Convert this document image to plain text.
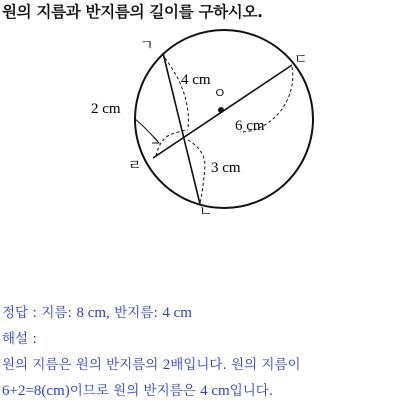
원의 지름과 반지름의 길이를 구하시오.
ㄱ
ㄷ
ㄹ
ㄴ
ㅇ
4 cm
2 cm
6 cm
3 cm
정답 : 지름: 8 cm, 반지름: 4 cm
해설 :
원의 지름은 원의 반지름의 2배입니다. 원의 지름이
6+2=8(cm)이므로 원의 반지름은 4 cm입니다.
